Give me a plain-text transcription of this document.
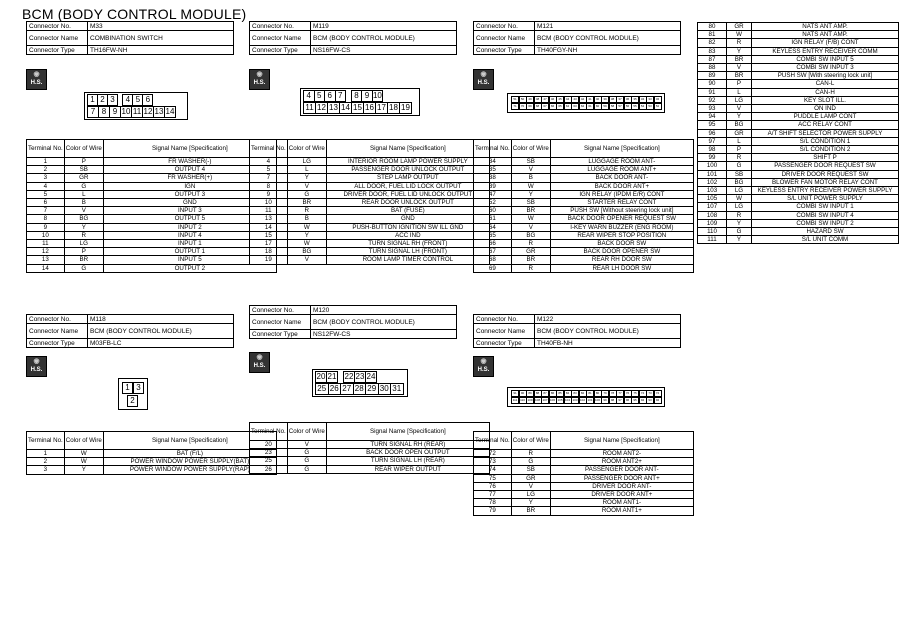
BCM (BODY CONTROL MODULE)
Connector No.	M33
Connector Name	COMBINATION SWITCH
Connector Type	TH16FW-NH
◉
H.S.
1 2 3	4 5 6
7 8 9 10 11 12 13 14
Connector No.	M119
Connector Name	BCM (BODY CONTROL MODULE)
Connector Type	NS16FW-CS
◉
H.S.
4 5 6 7	8 9 10
11 12 13 14 15 16 17 18 19
Connector No.	M121
Connector Name	BCM (BODY CONTROL MODULE)
Connector Type	TH40FGY-NH
◉
H.S.
51	50	49	48	47	46	45	44	43	42	41	40	39	38	37	36	35	34	33	32
71	70	69	68	67	66	65	64	63	62	61	60	59	58	57	56	55	54	53	52
Connector No.	M118
Connector Name	BCM (BODY CONTROL MODULE)
Connector Type	M03FB-LC
◉
H.S.
1 3
2
Connector No.	M120
Connector Name	BCM (BODY CONTROL MODULE)
Connector Type	NS12FW-CS
◉
H.S.
20 21 22 23 24
25 26 27 28 29 30 31
Connector No.	M122
Connector Name	BCM (BODY CONTROL MODULE)
Connector Type	TH40FB-NH
◉
H.S.
91	90	89	88	87	86	85	84	83	82	81	80	79	78	77	76	75	74	73	72
111 110 109 108 107 106 105 104 103 102 101 100	99	98	97	96	95	94	93	92
Terminal No.	Color of Wire	Signal Name [Specification]
1	P	FR WASHER(-)
2	SB	OUTPUT 4
3	GR	FR WASHER(+)
4	G	IGN
5	L	OUTPUT 3
6	B	GND
7	V	INPUT 3
8	BG	OUTPUT 5
9	Y	INPUT 2
10	R	INPUT 4
11	LG	INPUT 1
12	P	OUTPUT 1
13	BR	INPUT 5
14	G	OUTPUT 2
Terminal No.	Color of Wire	Signal Name [Specification]
4	LG	INTERIOR ROOM LAMP POWER SUPPLY
5	L	PASSENGER DOOR UNLOCK OUTPUT
7	Y	STEP LAMP OUTPUT
8	V	ALL DOOR, FUEL LID LOCK OUTPUT
9	G	DRIVER DOOR, FUEL LID UNLOCK OUTPUT
10	BR	REAR DOOR UNLOCK OUTPUT
11	R	BAT (FUSE)
13	B	GND
14	W	PUSH-BUTTON IGNITION SW ILL GND
15	Y	ACC IND
17	W	TURN SIGNAL RH (FRONT)
18	BG	TURN SIGNAL LH (FRONT)
19	V	ROOM LAMP TIMER CONTROL
Terminal No.	Color of Wire	Signal Name [Specification]
34	SB	LUGGAGE ROOM ANT-
35	V	LUGGAGE ROOM ANT+
38	B	BACK DOOR ANT-
39	W	BACK DOOR ANT+
47	Y	IGN RELAY (IPDM E/R) CONT
52	SB	STARTER RELAY CONT
60	BR	PUSH SW [Without steering lock unit]
61	W	BACK DOOR OPENER REQUEST SW
64	V	I-KEY WARN BUZZER (ENG ROOM)
65	BG	REAR WIPER STOP POSITION
66	R	BACK DOOR SW
67	GR	BACK DOOR OPENER SW
68	BR	REAR RH DOOR SW
69	R	REAR LH DOOR SW
80	GR	NATS ANT AMP.
81	W	NATS ANT AMP.
82	R	IGN RELAY (F/B) CONT
83	Y	KEYLESS ENTRY RECEIVER COMM
87	BR	COMBI SW INPUT 5
88	V	COMBI SW INPUT 3
89	BR	PUSH SW [With steering lock unit]
90	P	CAN-L
91	L	CAN-H
92	LG	KEY SLOT ILL.
93	V	ON IND
94	Y	PUDDLE LAMP CONT
95	BG	ACC RELAY CONT
96	GR	A/T SHIFT SELECTOR POWER SUPPLY
97	L	S/L CONDITION 1
98	P	S/L CONDITION 2
99	R	SHIFT P
100	G	PASSENGER DOOR REQUEST SW
101	SB	DRIVER DOOR REQUEST SW
102	BG	BLOWER FAN MOTOR RELAY CONT
103	LG	KEYLESS ENTRY RECEIVER POWER SUPPLY
105	W	S/L UNIT POWER SUPPLY
107	LG	COMBI SW INPUT 1
108	R	COMBI SW INPUT 4
109	Y	COMBI SW INPUT 2
110	G	HAZARD SW
111	Y	S/L UNIT COMM
Terminal No.	Color of Wire	Signal Name [Specification]
1	W	BAT (F/L)
2	W	POWER WINDOW POWER SUPPLY(BAT)
3	Y	POWER WINDOW POWER SUPPLY(RAP)
Terminal No.	Color of Wire	Signal Name [Specification]
20	V	TURN SIGNAL RH (REAR)
23	G	BACK DOOR OPEN OUTPUT
25	G	TURN SIGNAL LH (REAR)
26	G	REAR WIPER OUTPUT
Terminal No.	Color of Wire	Signal Name [Specification]
72	R	ROOM ANT2-
73	G	ROOM ANT2+
74	SB	PASSENGER DOOR ANT-
75	GR	PASSENGER DOOR ANT+
76	V	DRIVER DOOR ANT-
77	LG	DRIVER DOOR ANT+
78	Y	ROOM ANT1-
79	BR	ROOM ANT1+
